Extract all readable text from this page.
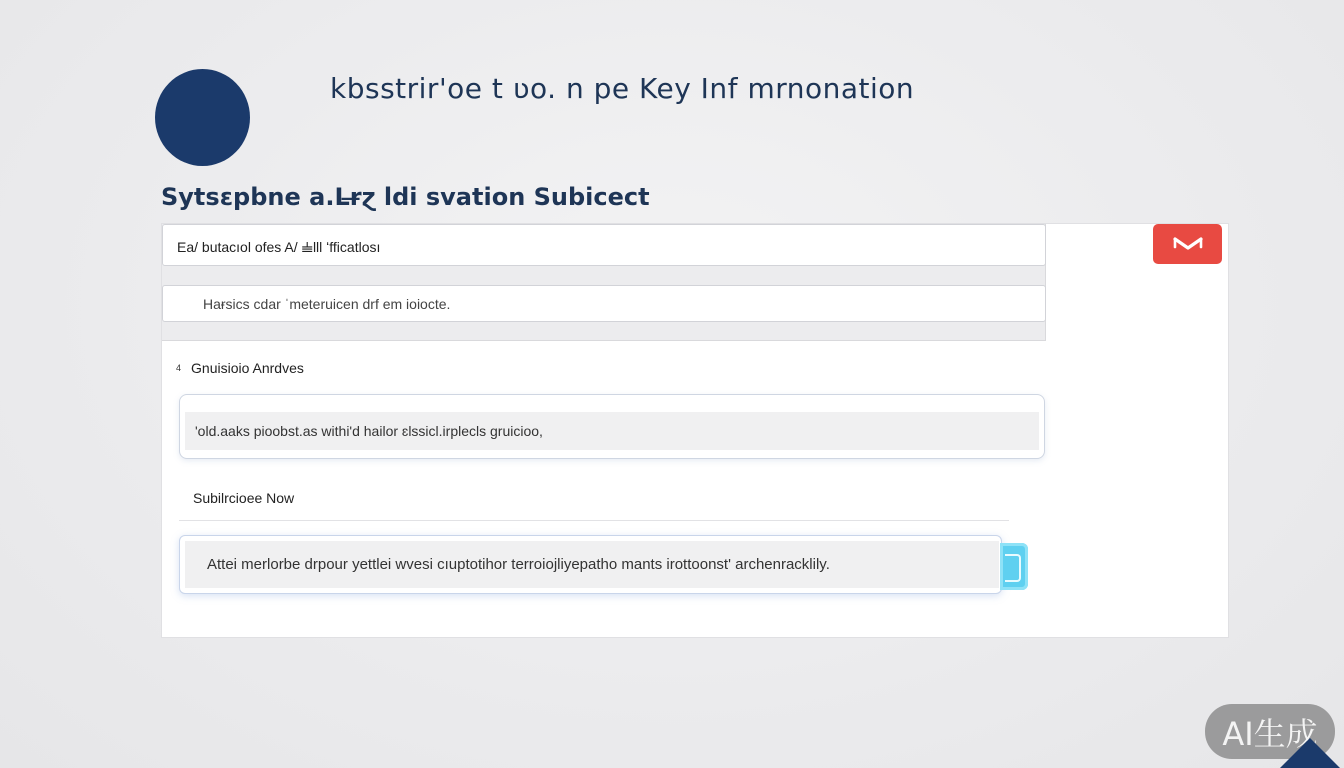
kbsstrir'oe t ʋo. n pe Key Inf mrnonation
Sytsɛpbne a.ꓡr̶ɀ ldi svation Subicect
Ea/ butacıol ofes A/ 𝍧lll ʻfficatlosı
Haɍsics cdar ˈmeteruicen drf em ioiocte.
4 Gnuisioio Anrdves
'old.aaks pioobst.as withi'd hailor ɛlssicl.irplecls gruicioo,
Subilrcioee Now
Attei merlorbe drpour yettlei wvesi cıuptotihor terroiojliyepatho mants irottoonst' archenracklily.
AI生成
